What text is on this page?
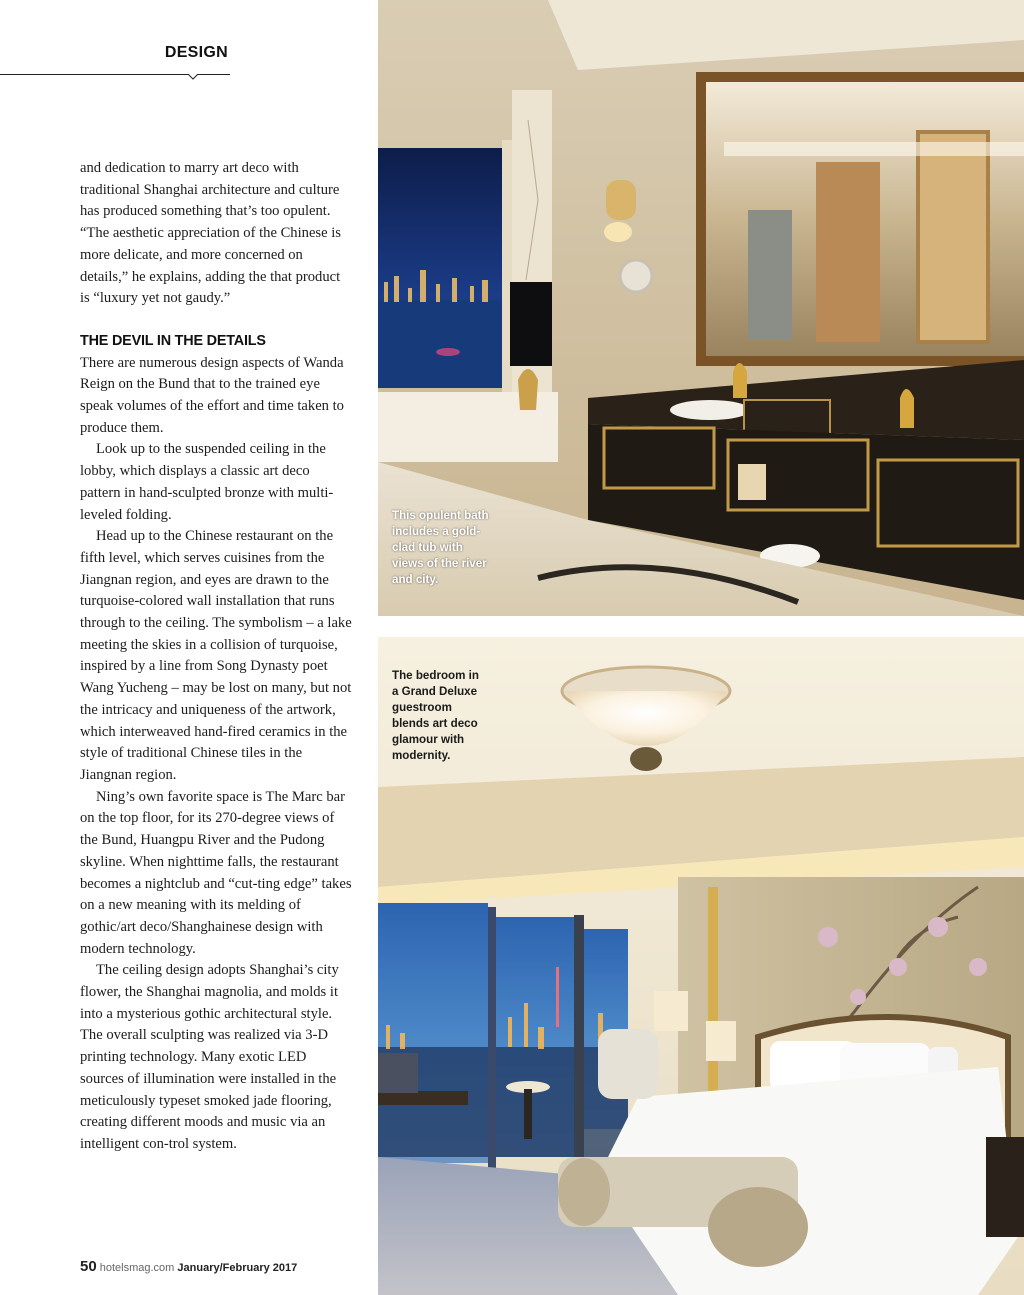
DESIGN

and dedication to marry art deco with traditional Shanghai architecture and culture has produced something that’s too opulent. “The aesthetic appreciation of the Chinese is more delicate, and more concerned on details,” he explains, adding the that product is “luxury yet not gaudy.”

THE DEVIL IN THE DETAILS

There are numerous design aspects of Wanda Reign on the Bund that to the trained eye speak volumes of the effort and time taken to produce them.

Look up to the suspended ceiling in the lobby, which displays a classic art deco pattern in hand-sculpted bronze with multi-leveled folding.

Head up to the Chinese restaurant on the fifth level, which serves cuisines from the Jiangnan region, and eyes are drawn to the turquoise-colored wall installation that runs through to the ceiling. The symbolism – a lake meeting the skies in a collision of turquoise, inspired by a line from Song Dynasty poet Wang Yucheng – may be lost on many, but not the intricacy and uniqueness of the artwork, which interweaved hand-fired ceramics in the style of traditional Chinese tiles in the Jiangnan region.

Ning’s own favorite space is The Marc bar on the top floor, for its 270-degree views of the Bund, Huangpu River and the Pudong skyline. When nighttime falls, the restaurant becomes a nightclub and “cut-ting edge” takes on a new meaning with its melding of gothic/art deco/Shanghainese design with modern technology.

The ceiling design adopts Shanghai’s city flower, the Shanghai magnolia, and molds it into a mysterious gothic architectural style. The overall sculpting was realized via 3-D printing technology. Many exotic LED sources of illumination were installed in the meticulously typeset smoked jade flooring, creating different moods and music via an intelligent con-trol system.

This opulent bath includes a gold-clad tub with views of the river and city.
The bedroom in a Grand Deluxe guestroom blends art deco glamour with modernity.
50 hotelsmag.com January/February 2017
